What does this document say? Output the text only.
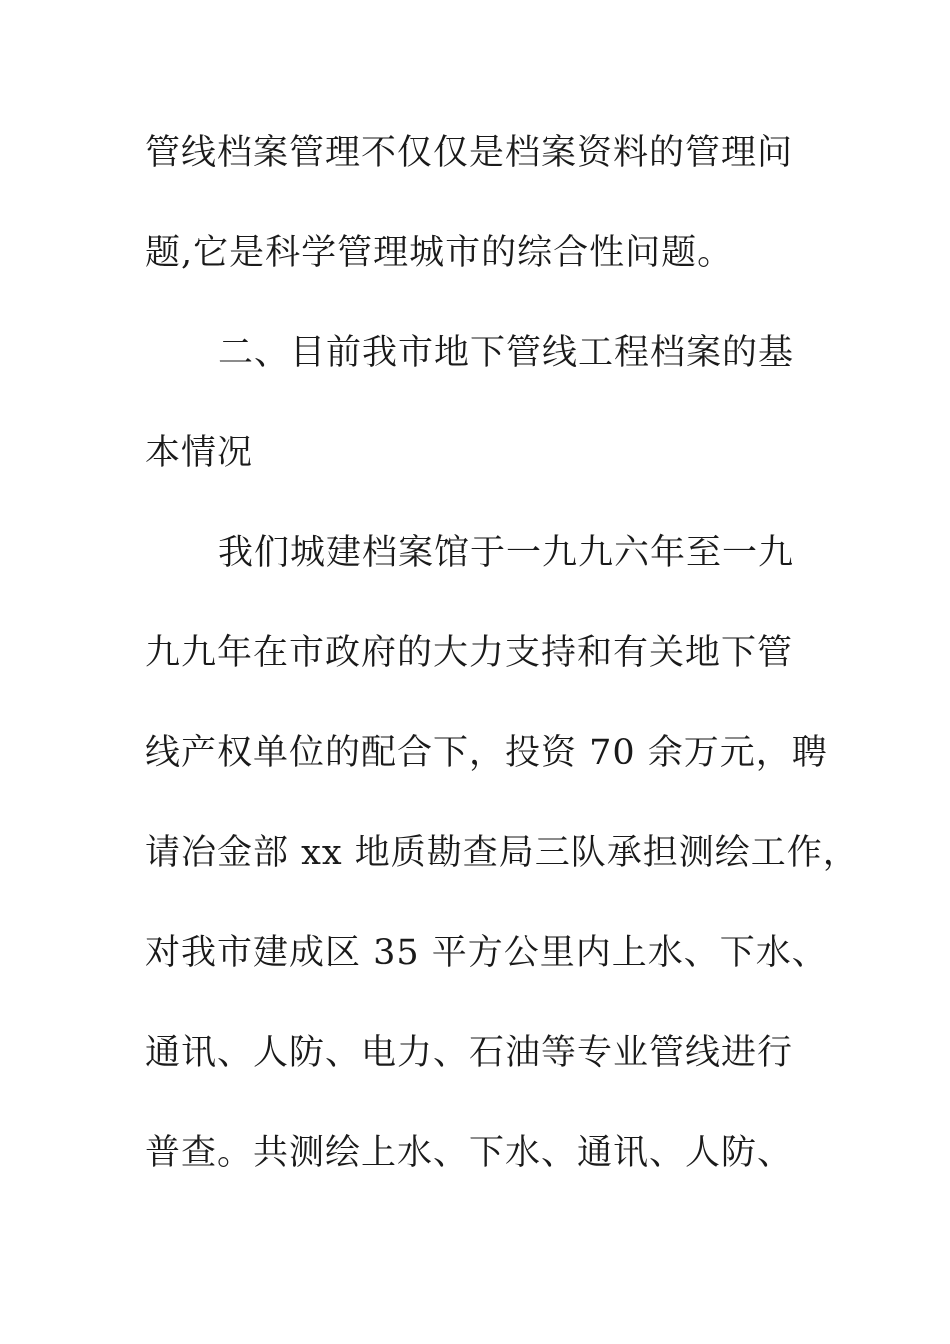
管线档案管理不仅仅是档案资料的管理问
题,它是科学管理城市的综合性问题。
二、目前我市地下管线工程档案的基
本情况
我们城建档案馆于一九九六年至一九
九九年在市政府的大力支持和有关地下管
线产权单位的配合下，投资 70 余万元，聘
请冶金部 xx 地质勘查局三队承担测绘工作，
对我市建成区 35 平方公里内上水、下水、
通讯、人防、电力、石油等专业管线进行
普查。共测绘上水、下水、通讯、人防、
